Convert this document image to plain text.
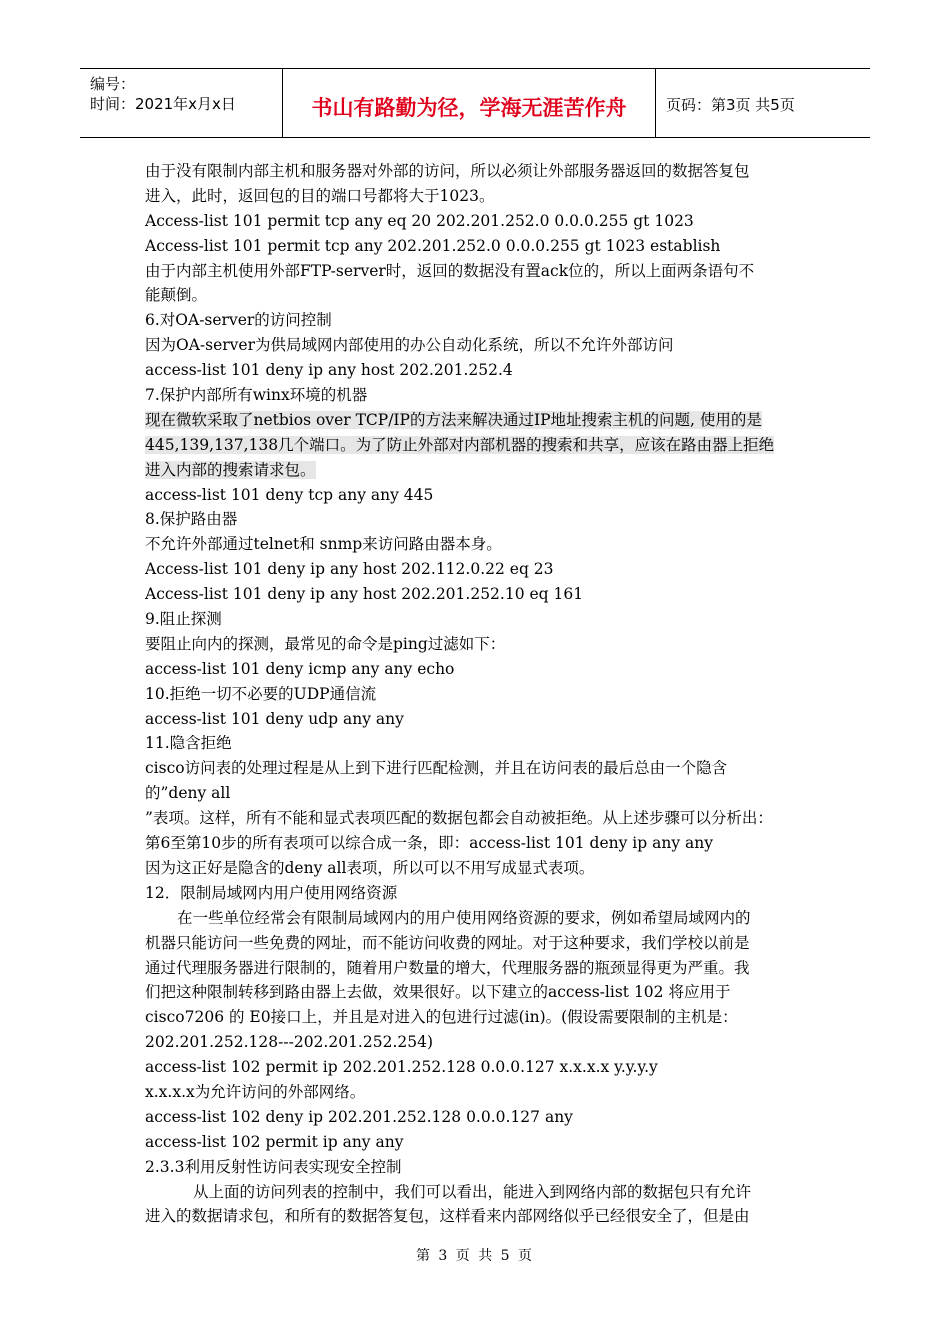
编号：
时间：2021年x月x日	书山有路勤为径，学海无涯苦作舟	页码：第3页 共5页
由于没有限制内部主机和服务器对外部的访问，所以必须让外部服务器返回的数据答复包
进入，此时，返回包的目的端口号都将大于1023。
Access-list 101 permit tcp any eq 20 202.201.252.0 0.0.0.255 gt 1023
Access-list 101 permit tcp any 202.201.252.0 0.0.0.255 gt 1023 establish
由于内部主机使用外部FTP-server时，返回的数据没有置ack位的，所以上面两条语句不
能颠倒。
6.对OA-server的访问控制
因为OA-server为供局域网内部使用的办公自动化系统，所以不允许外部访问
access-list 101 deny ip any host 202.201.252.4
7.保护内部所有winx环境的机器
现在微软采取了netbios over TCP/IP的方法来解决通过IP地址搜索主机的问题, 使用的是
445,139,137,138几个端口。为了防止外部对内部机器的搜索和共享，应该在路由器上拒绝
进入内部的搜索请求包。
access-list 101 deny tcp any any 445
8.保护路由器
不允许外部通过telnet和 snmp来访问路由器本身。
Access-list 101 deny ip any host 202.112.0.22 eq 23
Access-list 101 deny ip any host 202.201.252.10 eq 161
9.阻止探测
要阻止向内的探测，最常见的命令是ping过滤如下：
access-list 101 deny icmp any any echo
10.拒绝一切不必要的UDP通信流
access-list 101 deny udp any any
11.隐含拒绝
cisco访问表的处理过程是从上到下进行匹配检测，并且在访问表的最后总由一个隐含
的”deny all
”表项。这样，所有不能和显式表项匹配的数据包都会自动被拒绝。从上述步骤可以分析出：
第6至第10步的所有表项可以综合成一条，即：access-list 101 deny ip any any
因为这正好是隐含的deny all表项，所以可以不用写成显式表项。
12．限制局域网内用户使用网络资源
在一些单位经常会有限制局域网内的用户使用网络资源的要求，例如希望局域网内的
机器只能访问一些免费的网址，而不能访问收费的网址。对于这种要求，我们学校以前是
通过代理服务器进行限制的，随着用户数量的增大，代理服务器的瓶颈显得更为严重。我
们把这种限制转移到路由器上去做，效果很好。以下建立的access-list 102 将应用于
cisco7206 的 E0接口上，并且是对进入的包进行过滤(in)。(假设需要限制的主机是：
202.201.252.128---202.201.252.254)
access-list 102 permit ip 202.201.252.128 0.0.0.127 x.x.x.x y.y.y.y
x.x.x.x为允许访问的外部网络。
access-list 102 deny ip 202.201.252.128 0.0.0.127 any
access-list 102 permit ip any any
2.3.3利用反射性访问表实现安全控制
从上面的访问列表的控制中，我们可以看出，能进入到网络内部的数据包只有允许
进入的数据请求包，和所有的数据答复包，这样看来内部网络似乎已经很安全了，但是由
第 3 页 共 5 页
